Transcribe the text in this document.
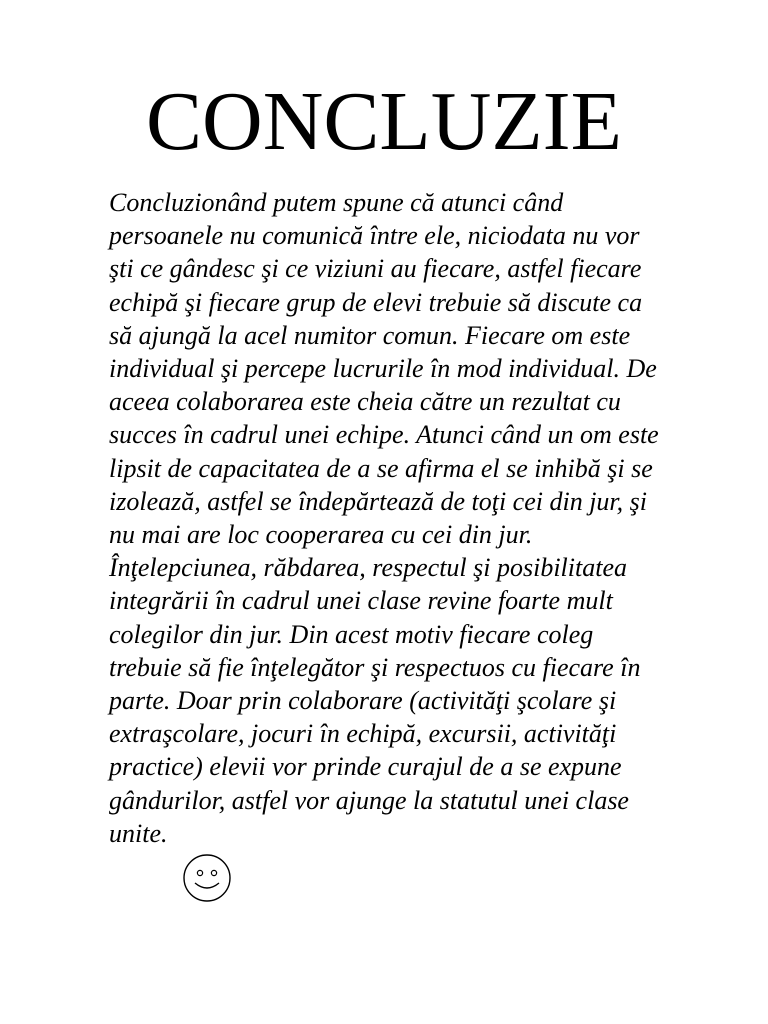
CONCLUZIE

Concluzionând putem spune că atunci când
persoanele nu comunică între ele, niciodata nu vor
şti ce gândesc şi ce viziuni au fiecare, astfel fiecare
echipă şi fiecare grup de elevi trebuie să discute ca
să ajungă la acel numitor comun. Fiecare om este
individual şi percepe lucrurile în mod individual. De
aceea colaborarea este cheia către un rezultat cu
succes în cadrul unei echipe. Atunci când un om este
lipsit de capacitatea de a se afirma el se inhibă şi se
izolează, astfel se îndepărtează de toţi cei din jur, şi
nu mai are loc cooperarea cu cei din jur.
Înţelepciunea, răbdarea, respectul şi posibilitatea
integrării în cadrul unei clase revine foarte mult
colegilor din jur. Din acest motiv fiecare coleg
trebuie să fie înţelegător şi respectuos cu fiecare în
parte. Doar prin colaborare (activităţi şcolare şi
extraşcolare, jocuri în echipă, excursii, activităţi
practice) elevii vor prinde curajul de a se expune
gândurilor, astfel vor ajunge la statutul unei clase
unite.
